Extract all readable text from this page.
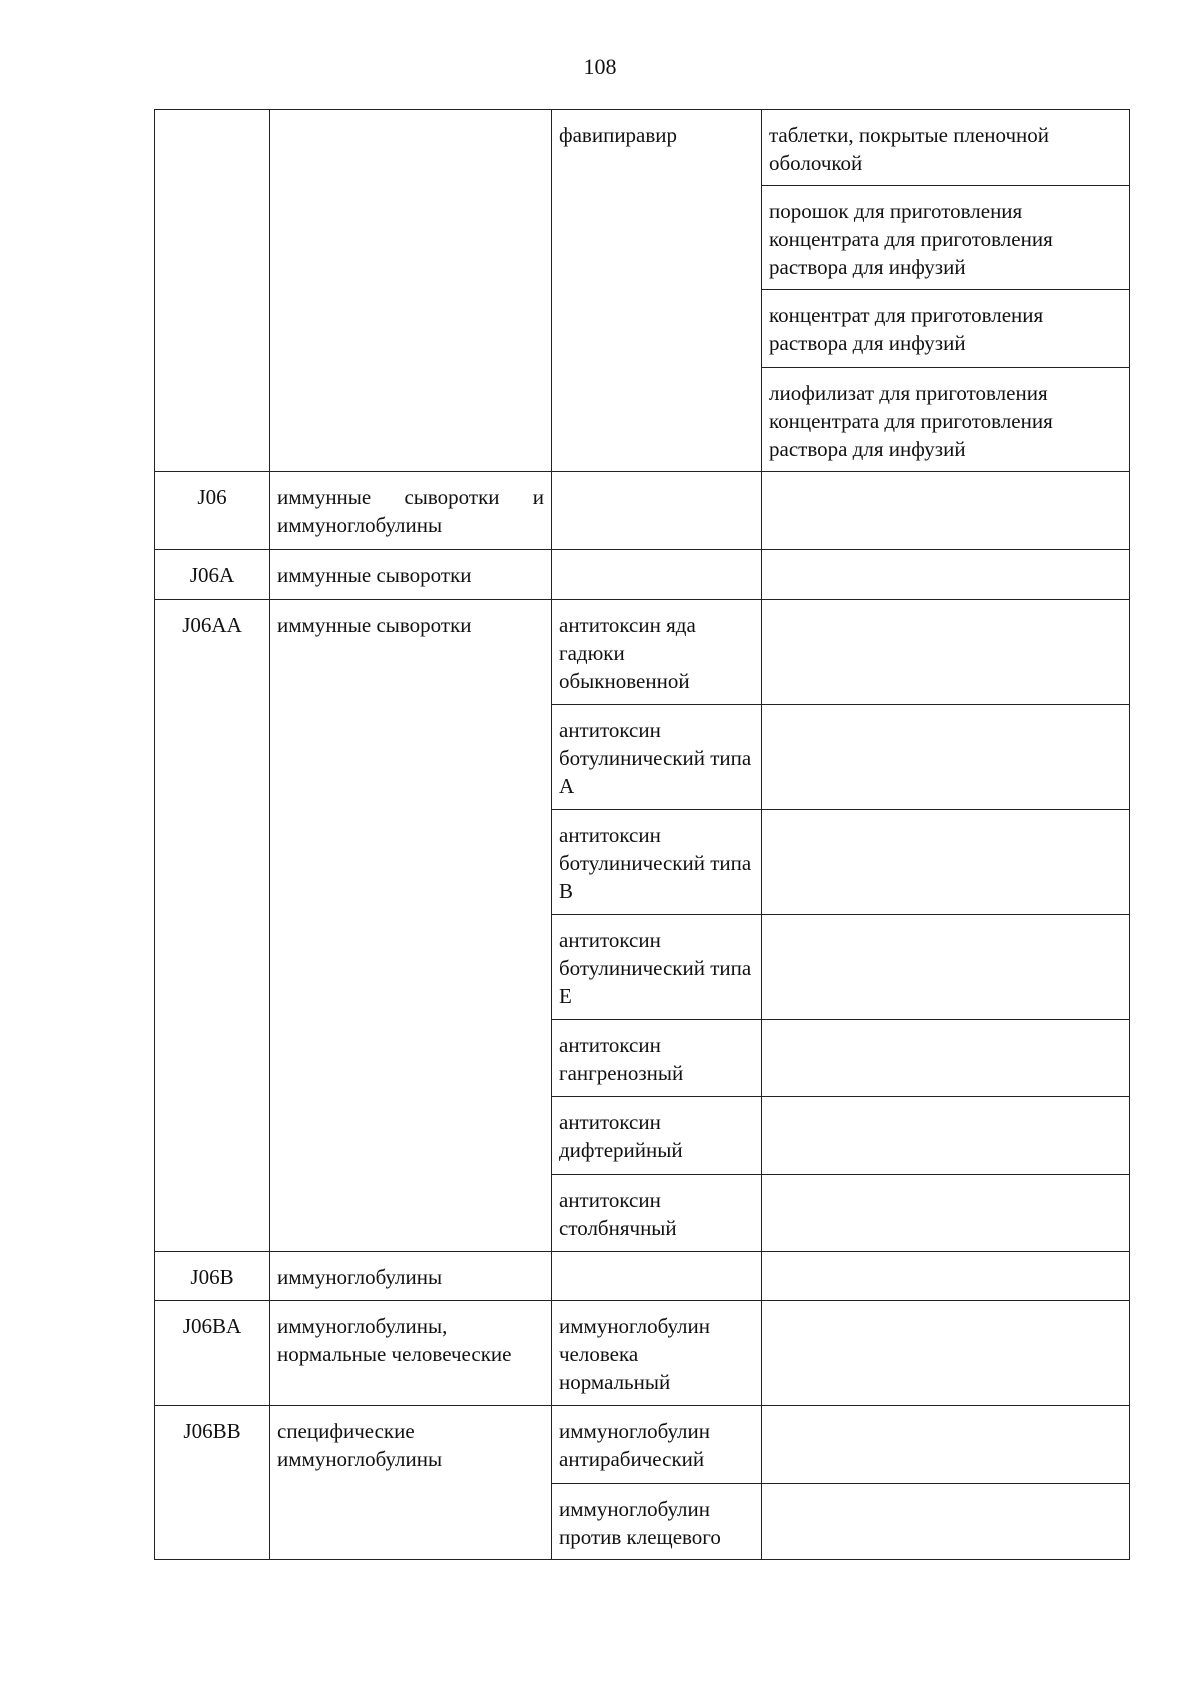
108
		фавипиравир	таблетки, покрытые пленочной оболочкой
			порошок для приготовления концентрата для приготовления раствора для инфузий
			концентрат для приготовления раствора для инфузий
			лиофилизат для приготовления концентрата для приготовления раствора для инфузий
J06	иммунные сыворотки и иммуноглобулины		
J06A	иммунные сыворотки		
J06AA	иммунные сыворотки	антитоксин яда гадюки обыкновенной	
		антитоксин ботулинический типа A	
		антитоксин ботулинический типа B	
		антитоксин ботулинический типа E	
		антитоксин гангренозный	
		антитоксин дифтерийный	
		антитоксин столбнячный	
J06B	иммуноглобулины		
J06BA	иммуноглобулины, нормальные человеческие	иммуноглобулин человека нормальный	
J06BB	специфические иммуноглобулины	иммуноглобулин антирабический	
		иммуноглобулин против клещевого	
